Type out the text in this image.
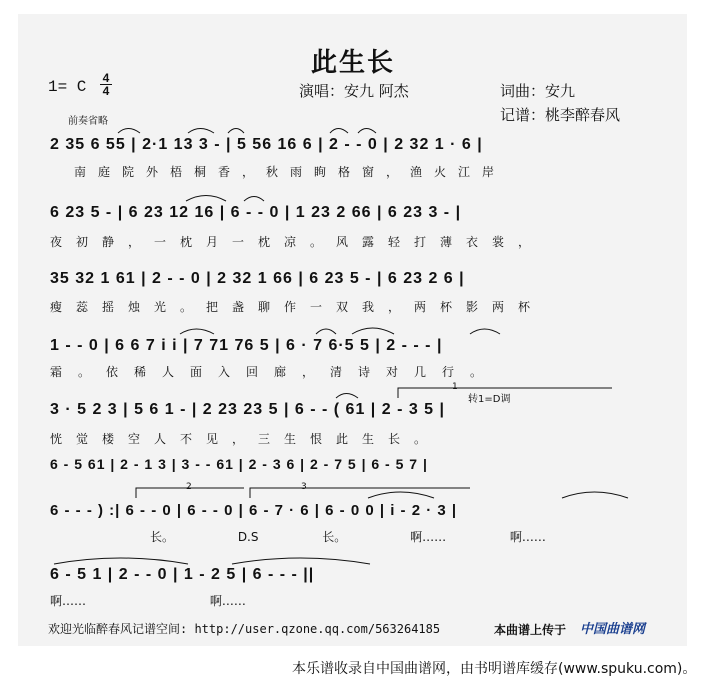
此生长
1= C 4
4	演唱：安九 阿杰	词曲：安九
记谱：桃李醉春风
前奏省略
2 35 6 55 | 2·1 13 3 - | 5 56 16 6 | 2 - - 0 | 2 32 1 · 6 |
南庭院外梧桐香，秋雨眴格窗，渔火江岸
6 23 5 - | 6 23 12 16 | 6 - - 0 | 1 23 2 66 | 6 23 3 - |
夜初静，一枕月一枕凉。风露轻打薄衣裳，
35 32 1 61 | 2 - - 0 | 2 32 1 66 | 6 23 5 - | 6 23 2 6 |
瘦蕊摇烛光。把盏聊作一双我，两杯影两杯
1 - - 0 | 6 6 7 i i | 7 71 76 5 | 6 · 7 6·5 5 | 2 - - - |
霜。依稀人面入回廊，清诗对几行。
转1=D调
3 · 5 2 3 | 5 6 1 - | 2 23 23 5 | 6 - - ( 61 | 2 - 3 5 |
恍觉楼空人不见，三生恨此生长。
6 - 5 61 | 2 - 1 3 | 3 - - 61 | 2 - 3 6 | 2 - 7 5 | 6 - 5 7 |
6 - - - ) :| 6 - - 0 | 6 - - 0 | 6 - 7 · 6 | 6 - 0 0 | i - 2 · 3 |
长。 D.S 长。 啊…… 啊……
6 - 5 1 | 2 - - 0 | 1 - 2 5 | 6 - - - ||
啊…… 啊……
1
2	3
欢迎光临醉春风记谱空间: http://user.qzone.qq.com/563264185	本曲谱上传于 中国曲谱网
本乐谱收录自中国曲谱网，由书明谱库缓存(www.spuku.com)。
